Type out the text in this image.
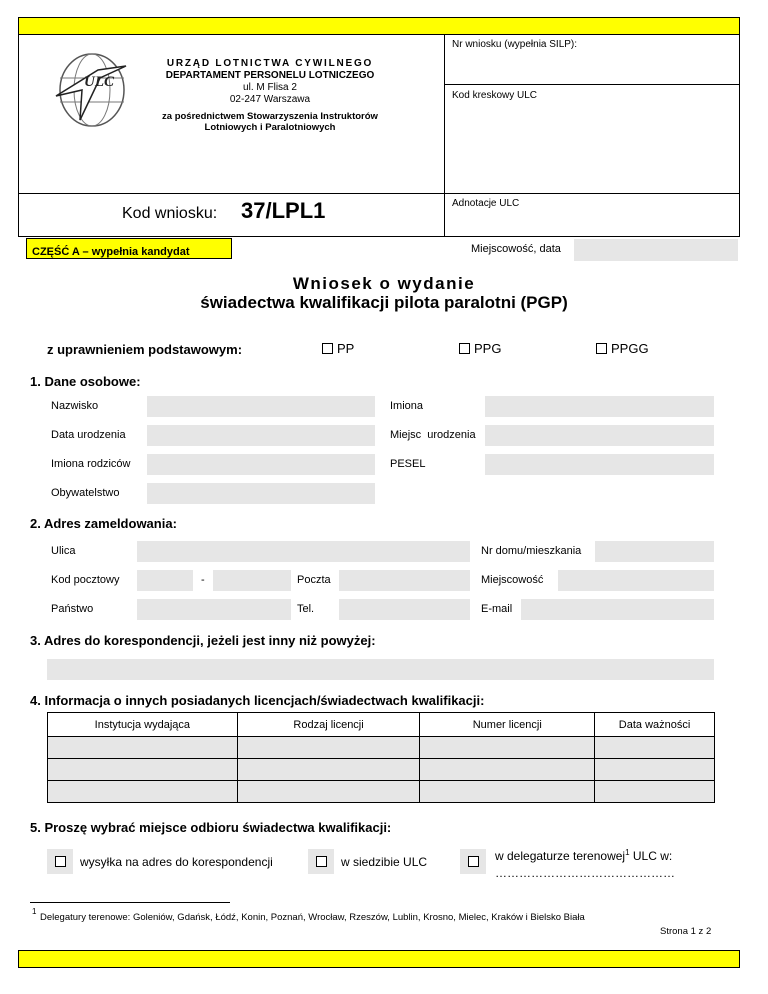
ULC
URZĄD LOTNICTWA CYWILNEGO
DEPARTAMENT PERSONELU LOTNICZEGO
ul. M Flisa 2
02-247 Warszawa
za pośrednictwem Stowarzyszenia Instruktorów
Lotniowych i Paralotniowych
Kod wniosku: 37/LPL1
Nr wniosku (wypełnia SILP):
Kod kreskowy ULC
Adnotacje ULC
CZĘŚĆ A – wypełnia kandydat	Miejscowość, data
Wniosek o wydanie
świadectwa kwalifikacji pilota paralotni (PGP)
z uprawnieniem podstawowym:	PP	PPG	PPGG
1. Dane osobowe:
Nazwisko	Imiona
Data urodzenia	Miejsc  urodzenia
Imiona rodziców	PESEL
Obywatelstwo
2. Adres zameldowania:
Ulica	Nr domu/mieszkania
Kod pocztowy	-	Poczta	Miejscowość
Państwo	Tel.	E-mail
3. Adres do korespondencji, jeżeli jest inny niż powyżej:
4. Informacja o innych posiadanych licencjach/świadectwach kwalifikacji:
Instytucja wydająca	Rodzaj licencji	Numer licencji	Data ważności

5. Proszę wybrać miejsce odbioru świadectwa kwalifikacji:
wysyłka na adres do korespondencji	w siedzibie ULC	w delegaturze terenowej$^1$ ULC w:
………………………………………
1
Delegatury terenowe: Goleniów, Gdańsk, Łódź, Konin, Poznań, Wrocław, Rzeszów, Lublin, Krosno, Mielec, Kraków i Bielsko Biała
Strona 1 z 2
